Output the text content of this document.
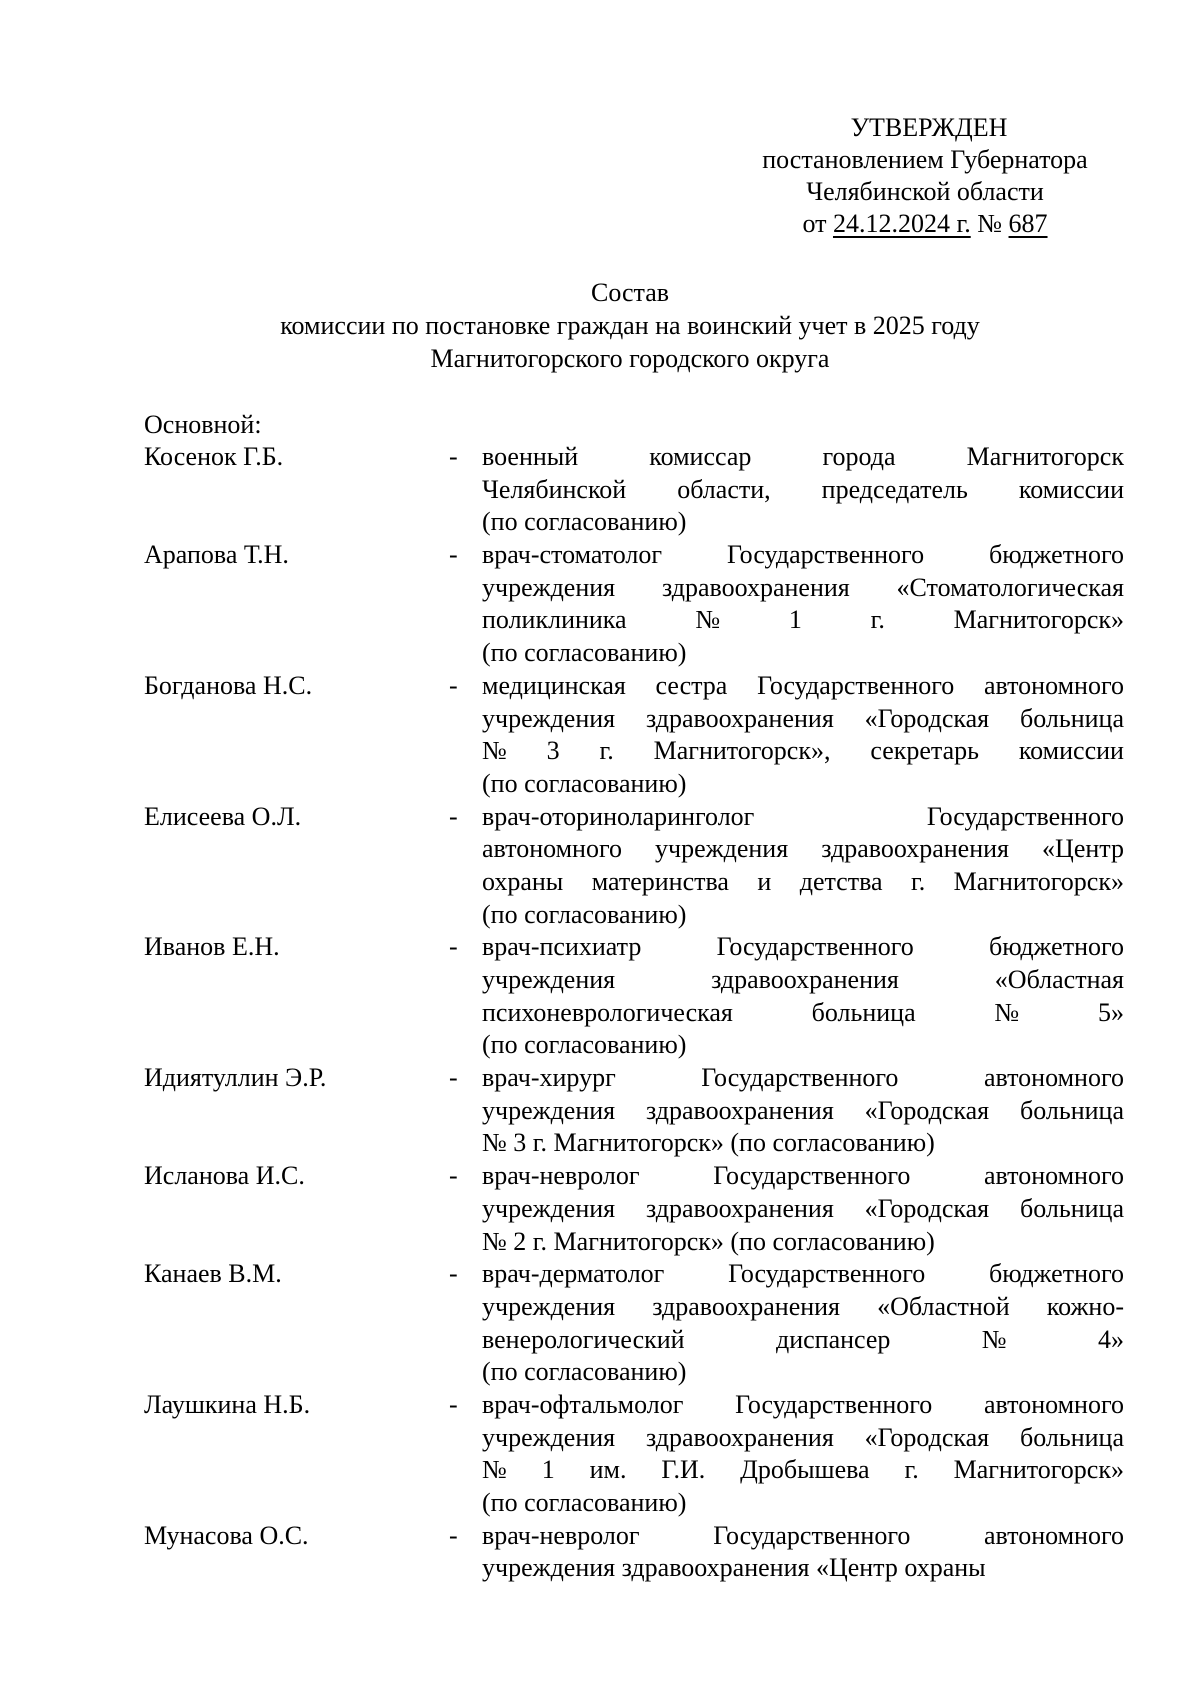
УТВЕРЖДЕН
постановлением Губернатора
Челябинской области
от 24.12.2024 г. № 687
Состав
комиссии по постановке граждан на воинский учет в 2025 году
Магнитогорского городского округа
Основной:
Косенок Г.Б.	- военный	комиссар	города	Магнитогорск
Челябинской области, председатель комиссии
(по согласованию)
Арапова Т.Н.	- врач-стоматолог Государственного бюджетного
учреждения здравоохранения «Стоматологическая
поликлиника	№	1	г.	Магнитогорск»
(по согласованию)
Богданова Н.С.	- медицинская сестра Государственного автономного
учреждения здравоохранения «Городская больница
№ 3 г. Магнитогорск», секретарь комиссии
(по согласованию)
Елисеева О.Л.	- врач-оториноларинголог	Государственного
автономного учреждения здравоохранения «Центр
охраны материнства и детства г. Магнитогорск»
(по согласованию)
Иванов Е.Н.	- врач-психиатр	Государственного	бюджетного
учреждения	здравоохранения	«Областная
психоневрологическая	больница	№	5»
(по согласованию)
Идиятуллин Э.Р.	- врач-хирург	Государственного	автономного
учреждения здравоохранения «Городская больница
№ 3 г. Магнитогорск» (по согласованию)
Исланова И.С.	- врач-невролог	Государственного	автономного
учреждения здравоохранения «Городская больница
№ 2 г. Магнитогорск» (по согласованию)
Канаев В.М.	- врач-дерматолог Государственного бюджетного
учреждения здравоохранения «Областной кожно-
венерологический	диспансер	№	4»
(по согласованию)
Лаушкина Н.Б.	- врач-офтальмолог Государственного автономного
учреждения здравоохранения «Городская больница
№ 1 им. Г.И. Дробышева г. Магнитогорск»
(по согласованию)
Мунасова О.С.	- врач-невролог	Государственного	автономного
учреждения здравоохранения «Центр охраны
